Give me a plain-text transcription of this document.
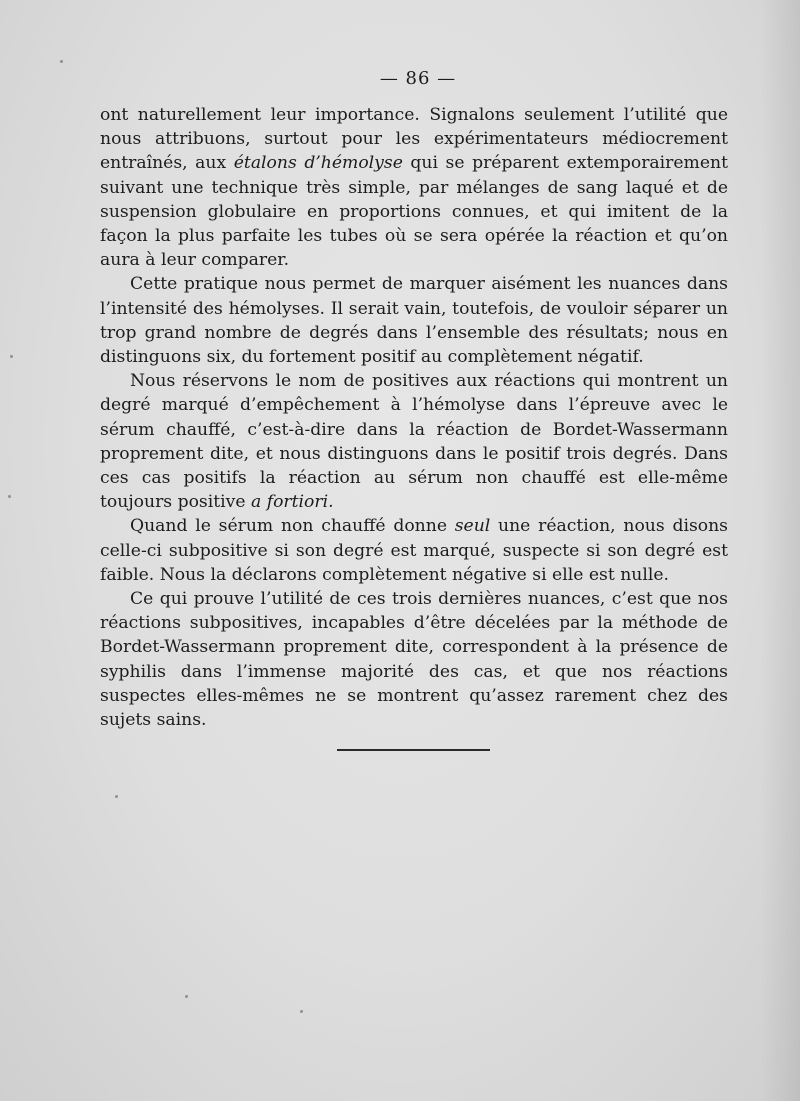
— 86 —

ont naturellement leur importance. Signalons seulement l’utilité que nous attribuons, surtout pour les expérimentateurs médiocrement entraînés, aux étalons d’hémolyse qui se préparent extemporairement suivant une technique très simple, par mélanges de sang laqué et de suspension globulaire en proportions connues, et qui imitent de la façon la plus parfaite les tubes où se sera opérée la réaction et qu’on aura à leur comparer.

Cette pratique nous permet de marquer aisément les nuances dans l’intensité des hémolyses. Il serait vain, toutefois, de vouloir séparer un trop grand nombre de degrés dans l’ensemble des résultats; nous en distinguons six, du fortement positif au complètement négatif.

Nous réservons le nom de positives aux réactions qui montrent un degré marqué d’empêchement à l’hémolyse dans l’épreuve avec le sérum chauffé, c’est-à-dire dans la réaction de Bordet-Wassermann proprement dite, et nous distinguons dans le positif trois degrés. Dans ces cas positifs la réaction au sérum non chauffé est elle-même toujours positive a fortiori.

Quand le sérum non chauffé donne seul une réaction, nous disons celle-ci subpositive si son degré est marqué, suspecte si son degré est faible. Nous la déclarons complètement négative si elle est nulle.

Ce qui prouve l’utilité de ces trois dernières nuances, c’est que nos réactions subpositives, incapables d’être décelées par la méthode de Bordet-Wassermann proprement dite, correspondent à la présence de syphilis dans l’immense majorité des cas, et que nos réactions suspectes elles-mêmes ne se montrent qu’assez rarement chez des sujets sains.
